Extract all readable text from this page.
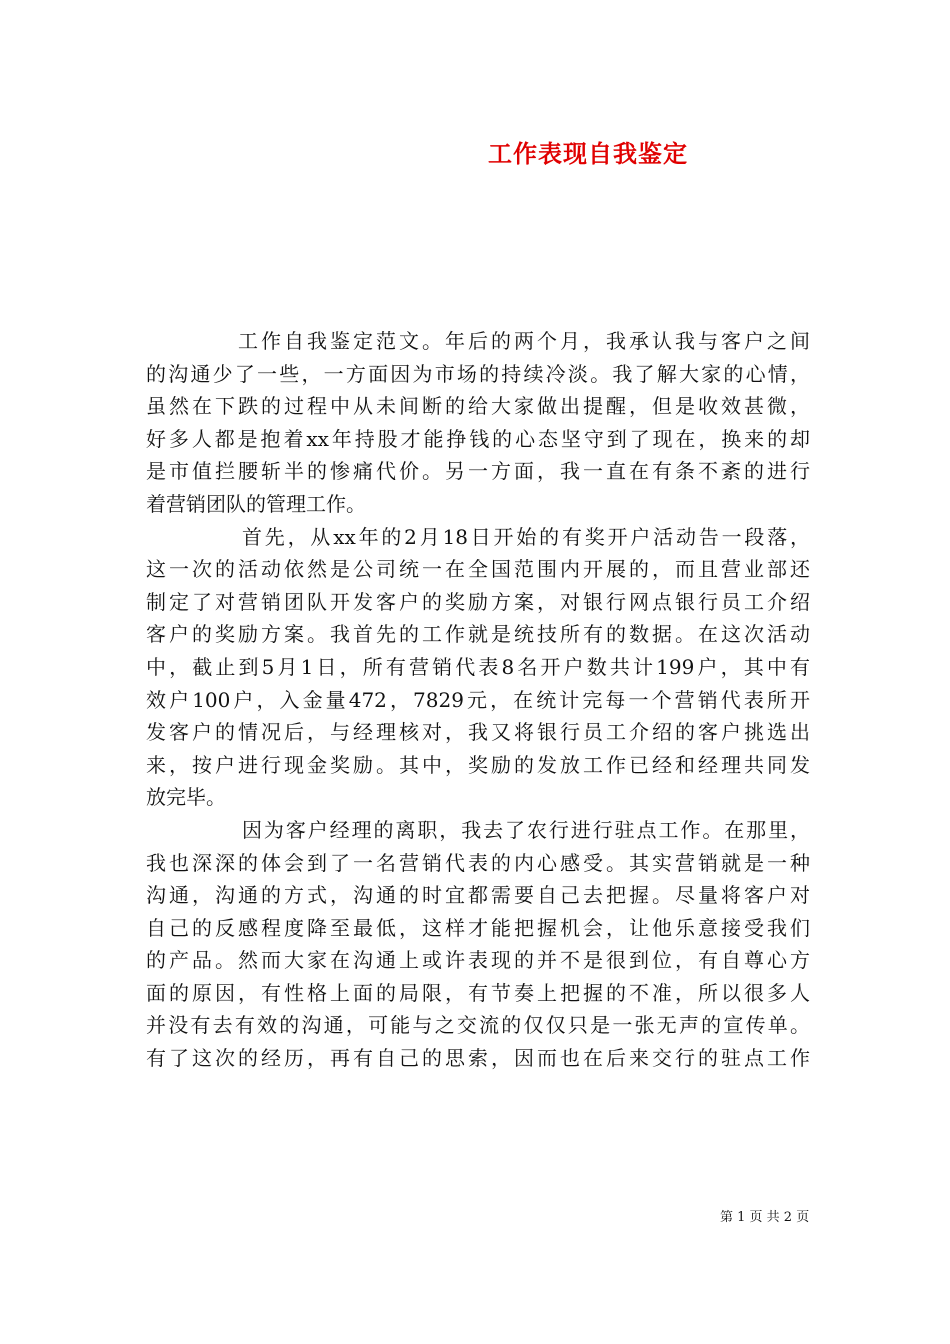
工作表现自我鉴定
工作自我鉴定范文。年后的两个月，我承认我与客户之间
的沟通少了一些，一方面因为市场的持续冷淡。我了解大家的心情，
虽然在下跌的过程中从未间断的给大家做出提醒，但是收效甚微，
好多人都是抱着xx年持股才能挣钱的心态坚守到了现在，换来的却
是市值拦腰斩半的惨痛代价。另一方面，我一直在有条不紊的进行
着营销团队的管理工作。
首先，从xx年的2月18日开始的有奖开户活动告一段落，
这一次的活动依然是公司统一在全国范围内开展的，而且营业部还
制定了对营销团队开发客户的奖励方案，对银行网点银行员工介绍
客户的奖励方案。我首先的工作就是统技所有的数据。在这次活动
中，截止到5月1日，所有营销代表8名开户数共计199户，其中有
效户100户，入金量472，7829元，在统计完每一个营销代表所开
发客户的情况后，与经理核对，我又将银行员工介绍的客户挑选出
来，按户进行现金奖励。其中，奖励的发放工作已经和经理共同发
放完毕。
因为客户经理的离职，我去了农行进行驻点工作。在那里，
我也深深的体会到了一名营销代表的内心感受。其实营销就是一种
沟通，沟通的方式，沟通的时宜都需要自己去把握。尽量将客户对
自己的反感程度降至最低，这样才能把握机会，让他乐意接受我们
的产品。然而大家在沟通上或许表现的并不是很到位，有自尊心方
面的原因，有性格上面的局限，有节奏上把握的不准，所以很多人
并没有去有效的沟通，可能与之交流的仅仅只是一张无声的宣传单。
有了这次的经历，再有自己的思索，因而也在后来交行的驻点工作
第 1 页 共 2 页
